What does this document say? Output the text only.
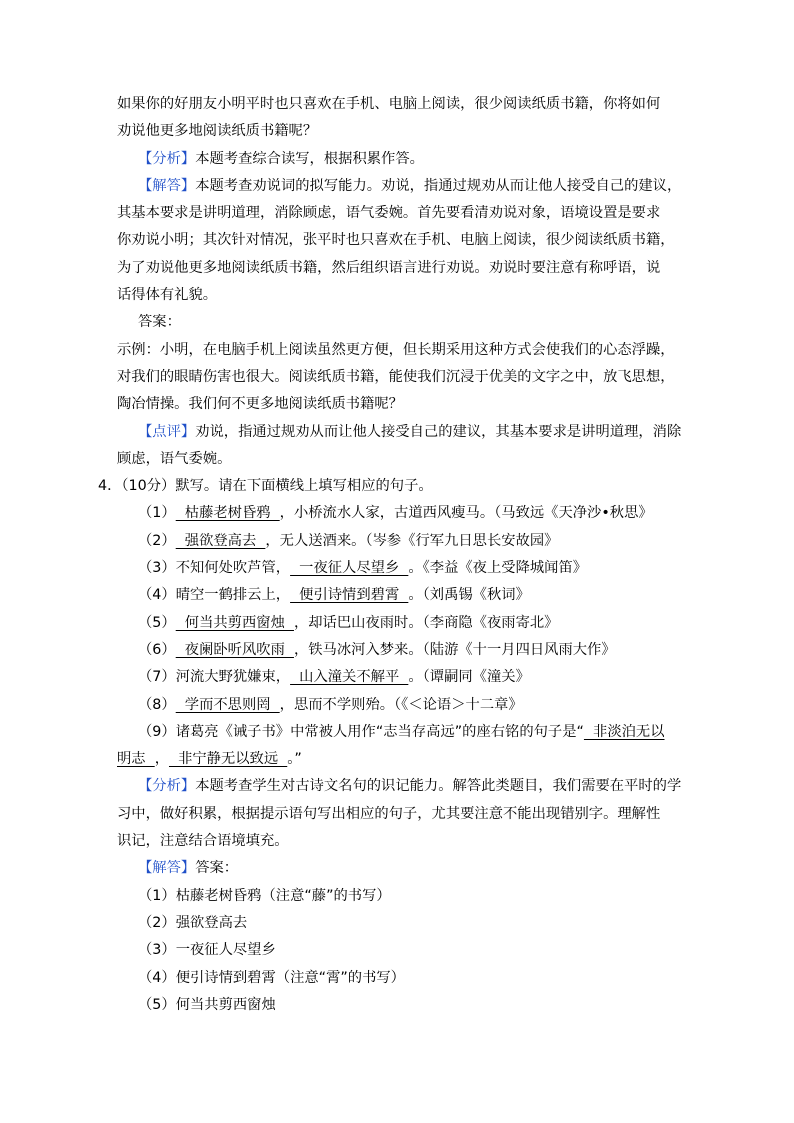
如果你的好朋友小明平时也只喜欢在手机、电脑上阅读，很少阅读纸质书籍，你将如何
劝说他更多地阅读纸质书籍呢？
【分析】本题考查综合读写，根据积累作答。
【解答】本题考查劝说词的拟写能力。劝说，指通过规劝从而让他人接受自己的建议，
其基本要求是讲明道理，消除顾虑，语气委婉。首先要看清劝说对象，语境设置是要求
你劝说小明；其次针对情况，张平时也只喜欢在手机、电脑上阅读，很少阅读纸质书籍，
为了劝说他更多地阅读纸质书籍，然后组织语言进行劝说。劝说时要注意有称呼语，说
话得体有礼貌。
答案：
示例：小明，在电脑手机上阅读虽然更方便，但长期采用这种方式会使我们的心态浮躁，
对我们的眼睛伤害也很大。阅读纸质书籍，能使我们沉浸于优美的文字之中，放飞思想，
陶冶情操。我们何不更多地阅读纸质书籍呢？
【点评】劝说，指通过规劝从而让他人接受自己的建议，其基本要求是讲明道理，消除
顾虑，语气委婉。
4．（10分）默写。请在下面横线上填写相应的句子。
（1）  枯藤老树昏鸦  ，小桥流水人家，古道西风瘦马。（马致远《天净沙•秋思》
（2）  强欲登高去  ，无人送酒来。（岑参《行军九日思长安故园》
（3）不知何处吹芦管，  一夜征人尽望乡  。《李益《夜上受降城闻笛》
（4）晴空一鹤排云上，  便引诗情到碧霄  。（刘禹锡《秋词》
（5）  何当共剪西窗烛  ，却话巴山夜雨时。（李商隐《夜雨寄北》
（6）  夜阑卧听风吹雨  ，铁马冰河入梦来。（陆游《十一月四日风雨大作》
（7）河流大野犹嫌束，  山入潼关不解平  。（谭嗣同《潼关》
（8）  学而不思则罔  ，思而不学则殆。（《＜论语＞十二章》
（9）诸葛亮《诫子书》中常被人用作“志当存高远”的座右铭的句子是“  非淡泊无以
明志  ，  非宁静无以致远  。”
【分析】本题考查学生对古诗文名句的识记能力。解答此类题目，我们需要在平时的学
习中，做好积累，根据提示语句写出相应的句子，尤其要注意不能出现错别字。理解性
识记，注意结合语境填充。
【解答】答案：
（1）枯藤老树昏鸦（注意“藤”的书写）
（2）强欲登高去
（3）一夜征人尽望乡
（4）便引诗情到碧霄（注意“霄”的书写）
（5）何当共剪西窗烛
